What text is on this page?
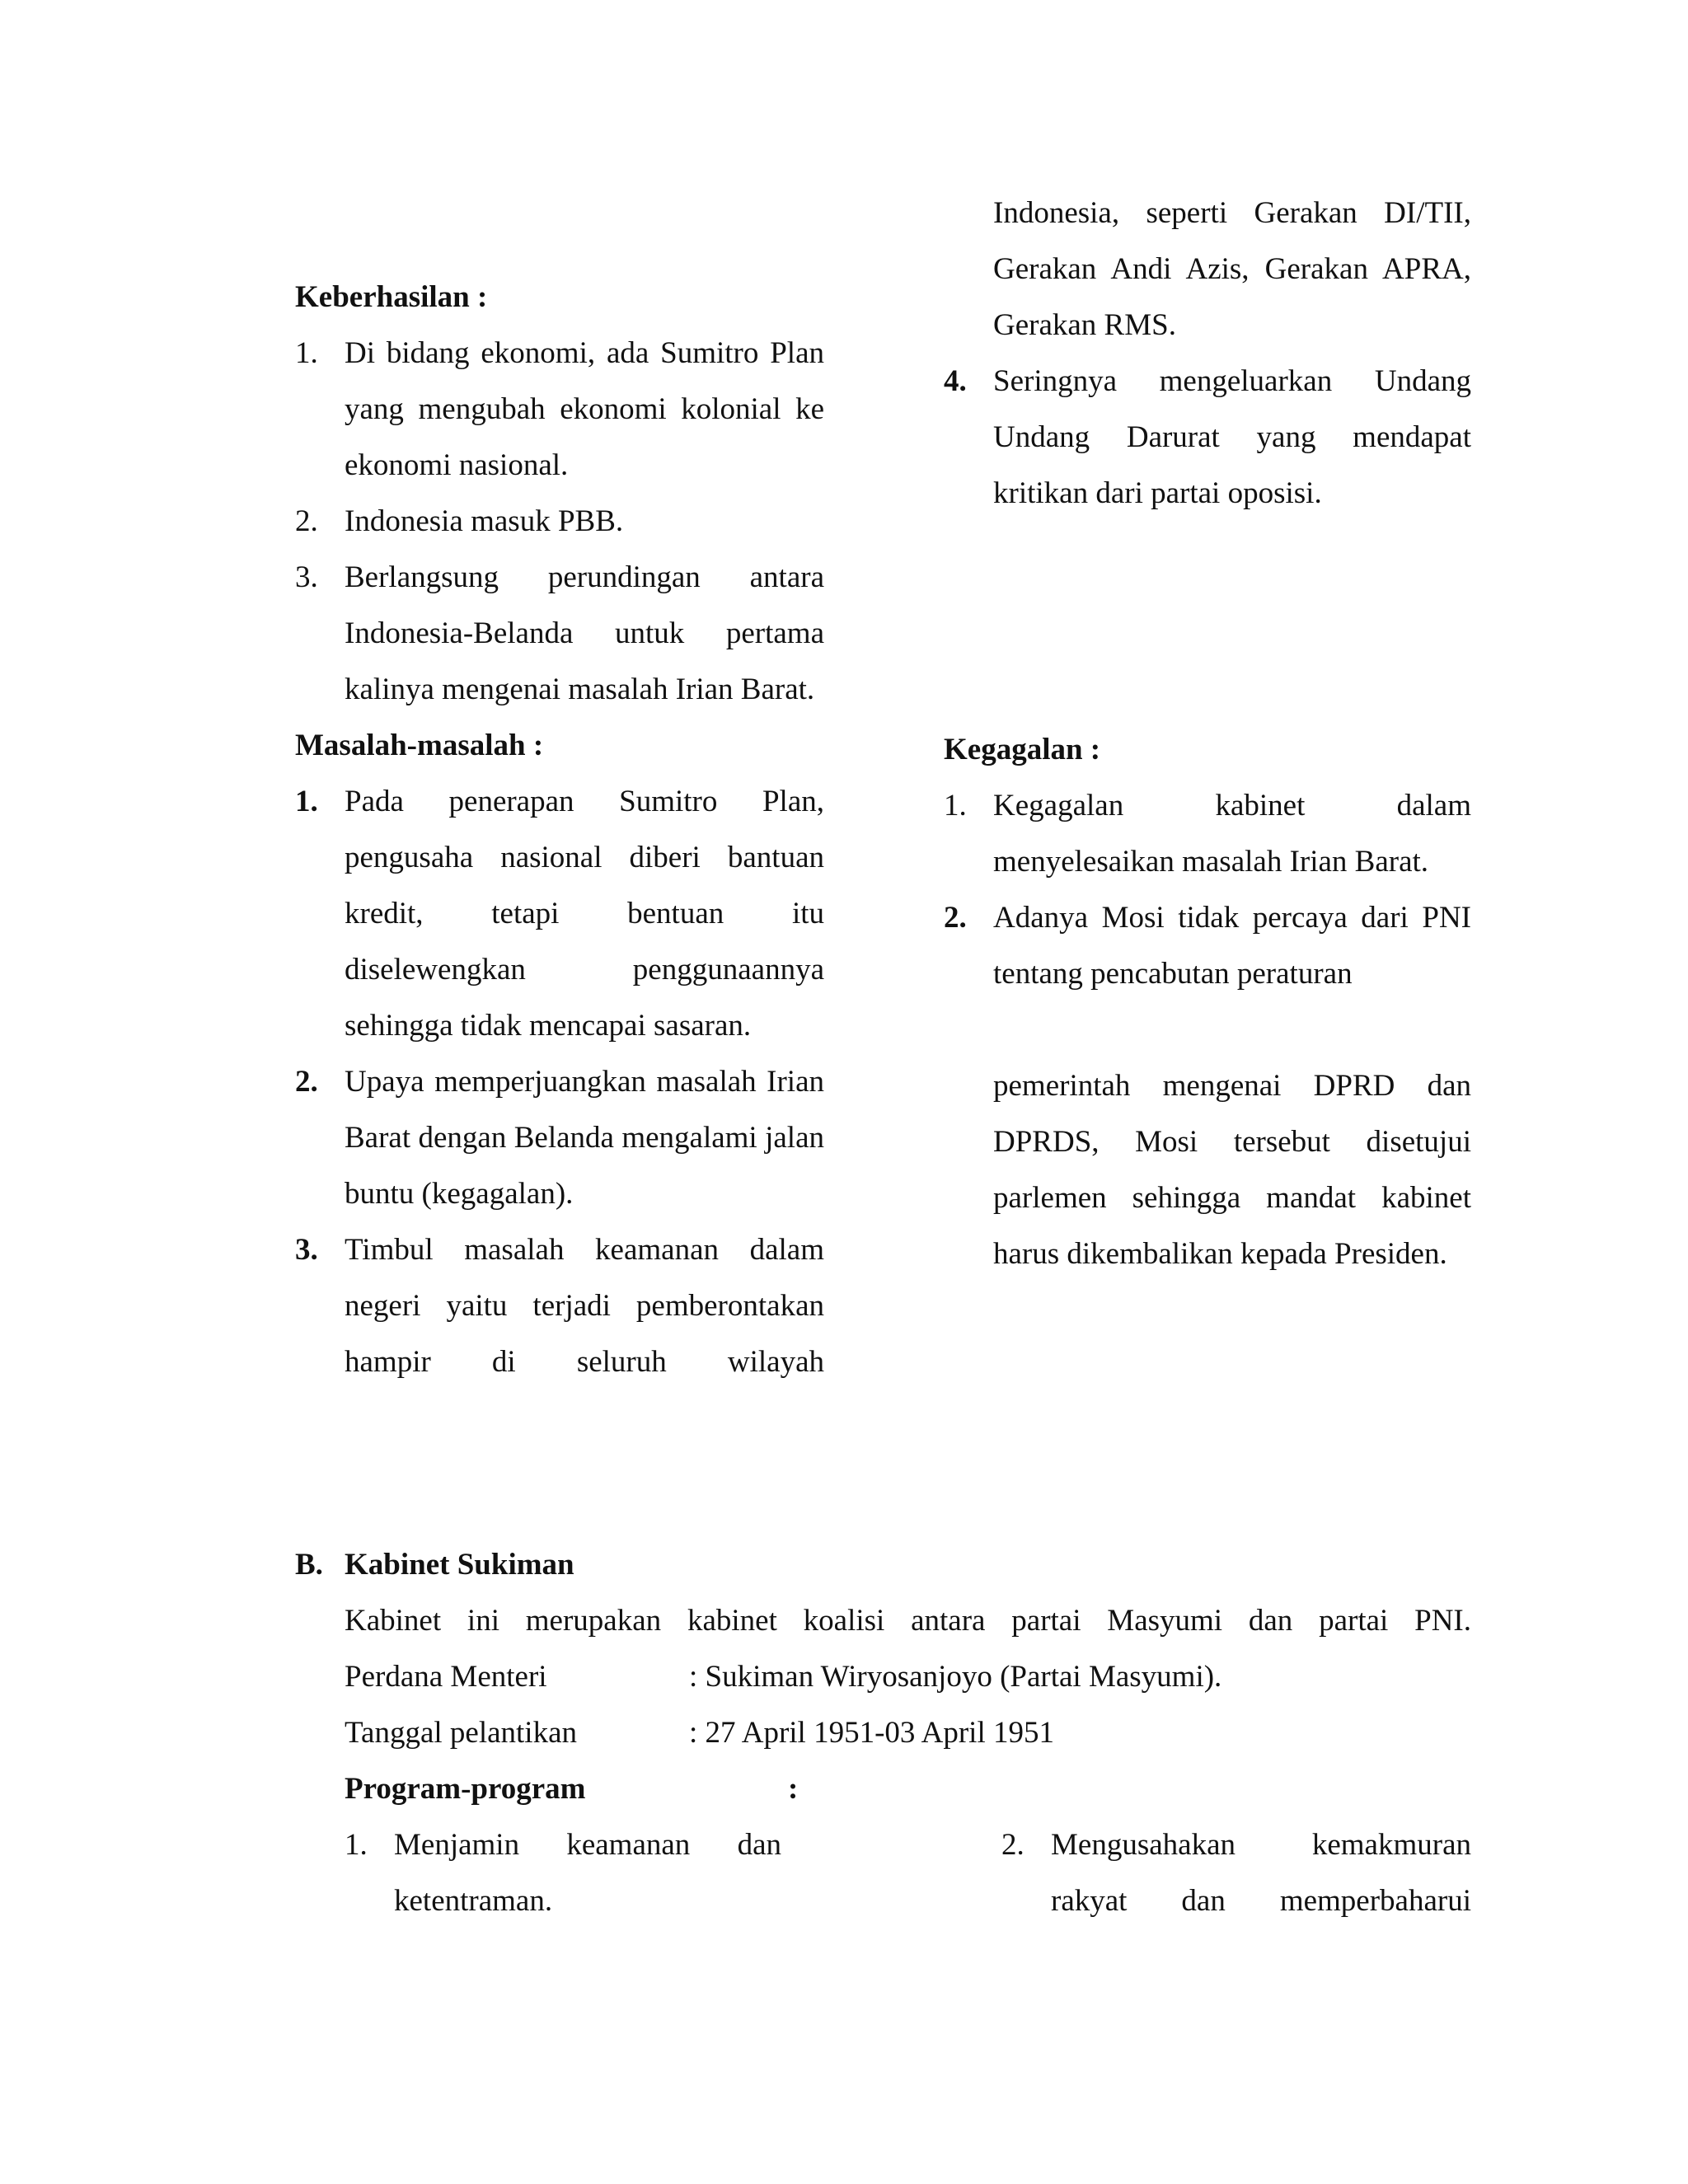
Keberhasilan :
1. Di bidang ekonomi, ada Sumitro Plan yang mengubah ekonomi kolonial ke ekonomi nasional.
2. Indonesia masuk PBB.
3. Berlangsung perundingan antara Indonesia-Belanda untuk pertama kalinya mengenai masalah Irian Barat.
Masalah-masalah :
1. Pada penerapan Sumitro Plan, pengusaha nasional diberi bantuan kredit, tetapi bentuan itu diselewengkan penggunaannya sehingga tidak mencapai sasaran.
2. Upaya memperjuangkan masalah Irian Barat dengan Belanda mengalami jalan buntu (kegagalan).
3. Timbul masalah keamanan dalam negeri yaitu terjadi pemberontakan hampir di seluruh wilayah
Indonesia, seperti Gerakan DI/TII, Gerakan Andi Azis, Gerakan APRA, Gerakan RMS.
4. Seringnya mengeluarkan Undang Undang Darurat yang mendapat kritikan dari partai oposisi.
Kegagalan :
1. Kegagalan kabinet dalam menyelesaikan masalah Irian Barat.
2. Adanya Mosi tidak percaya dari PNI tentang pencabutan peraturan
pemerintah mengenai DPRD dan DPRDS, Mosi tersebut disetujui parlemen sehingga mandat kabinet harus dikembalikan kepada Presiden.
B. Kabinet Sukiman
Kabinet ini merupakan kabinet koalisi antara partai Masyumi dan partai PNI.
Perdana Menteri	: Sukiman Wiryosanjoyo (Partai Masyumi).
Tanggal pelantikan	: 27 April 1951-03 April 1951
Program-program	:
1. Menjamin keamanan dan ketentraman.
2. Mengusahakan kemakmuran rakyat dan memperbaharui
